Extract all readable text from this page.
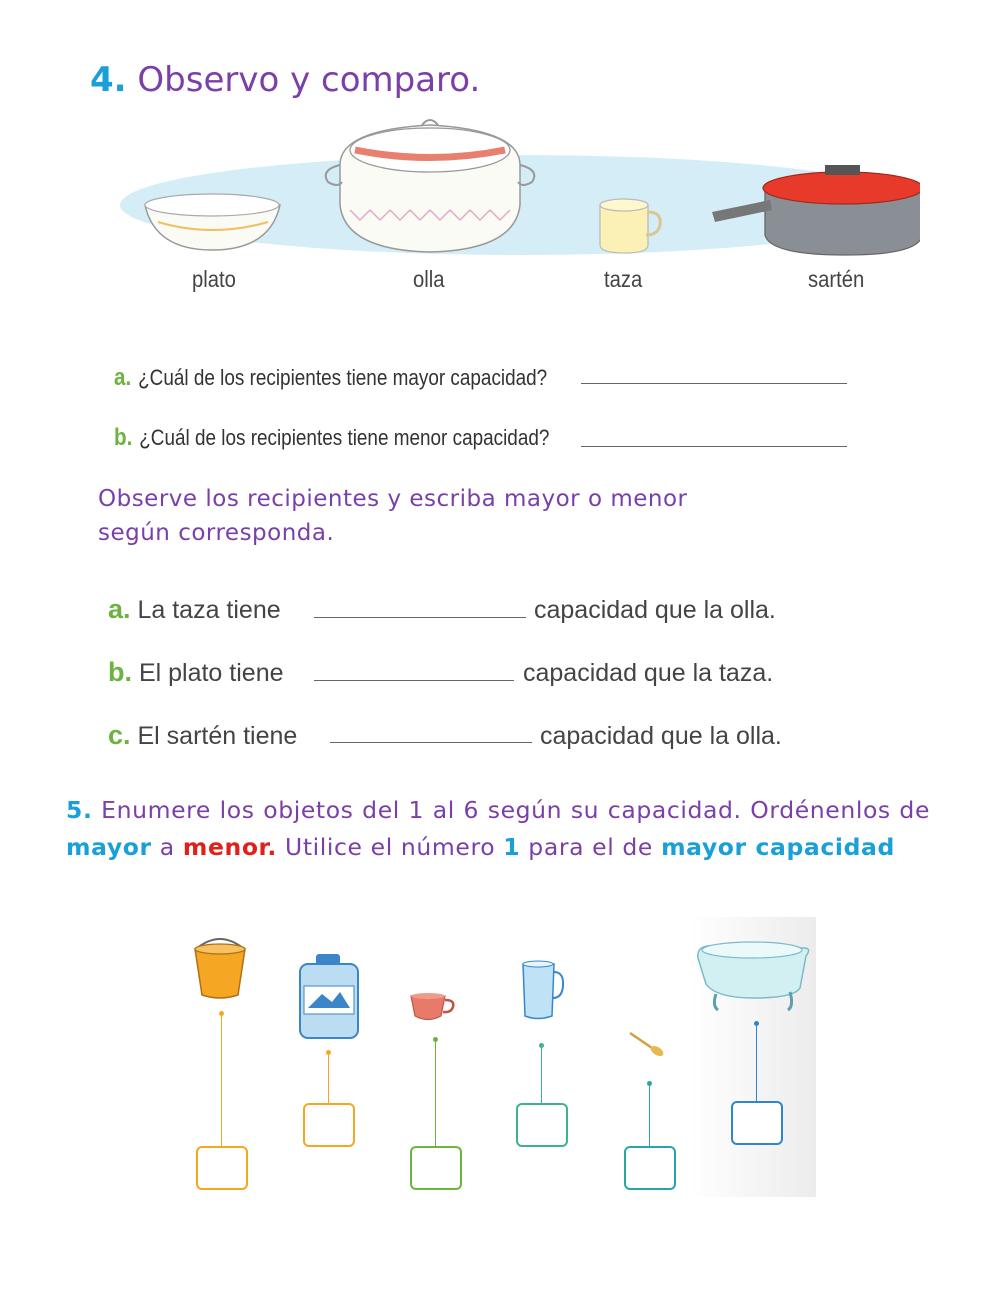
4. Observo y comparo.
plato	olla	taza	sartén
a. ¿Cuál de los recipientes tiene mayor capacidad?
b. ¿Cuál de los recipientes tiene menor capacidad?
Observe los recipientes y escriba mayor o menor
según corresponda.
a. La taza tiene	capacidad que la olla.
b. El plato tiene	capacidad que la taza.
c. El sartén tiene	capacidad que la olla.
5. Enumere los objetos del 1 al 6 según su capacidad. Ordénenlos de mayor a menor. Utilice el número 1 para el de mayor capacidad
